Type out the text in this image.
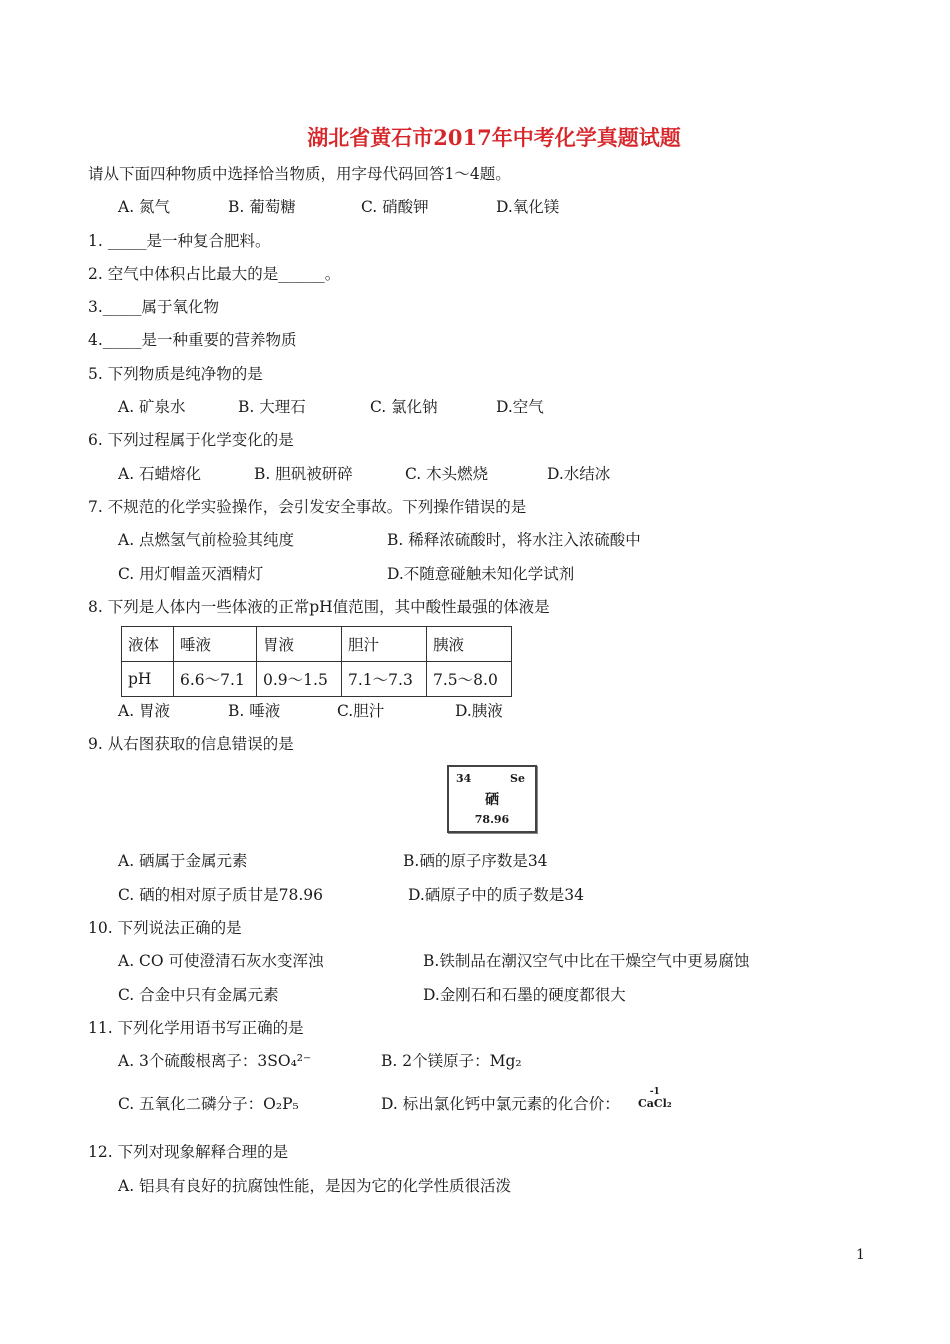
湖北省黄石市2017年中考化学真题试题
请从下面四种物质中选择恰当物质，用字母代码回答1～4题。
A. 氮气	B. 葡萄糖	C. 硝酸钾	D.氧化镁
1. _____是一种复合肥料。
2. 空气中体积占比最大的是______。
3._____属于氧化物
4._____是一种重要的营养物质
5. 下列物质是纯净物的是
A. 矿泉水	B. 大理石	C. 氯化钠	D.空气
6. 下列过程属于化学变化的是
A. 石蜡熔化	B. 胆矾被研碎	C. 木头燃烧	D.水结冰
7. 不规范的化学实验操作，会引发安全事故。下列操作错误的是
A. 点燃氢气前检验其纯度	B. 稀释浓硫酸时，将水注入浓硫酸中
C. 用灯帽盖灭酒精灯	D.不随意碰触未知化学试剂
8. 下列是人体内一些体液的正常pH值范围，其中酸性最强的体液是
液体	唾液	胃液	胆汁	胰液
pH	6.6～7.1	0.9～1.5	7.1～7.3	7.5～8.0
A. 胃液	B. 唾液	C.胆汁	D.胰液
9. 从右图获取的信息错误的是
34	Se
硒
78.96
A. 硒属于金属元素	B.硒的原子序数是34
C. 硒的相对原子质甘是78.96	D.硒原子中的质子数是34
10. 下列说法正确的是
A. CO 可使澄清石灰水变浑浊	B.铁制品在潮汉空气中比在干燥空气中更易腐蚀
C. 合金中只有金属元素	D.金刚石和石墨的硬度都很大
11. 下列化学用语书写正确的是
A. 3个硫酸根离子：3SO₄²⁻	B. 2个镁原子：Mg₂
C. 五氧化二磷分子：O₂P₅	D. 标出氯化钙中氯元素的化合价：
-1
CaCl₂
12. 下列对现象解释合理的是
A. 铝具有良好的抗腐蚀性能，是因为它的化学性质很活泼
1
